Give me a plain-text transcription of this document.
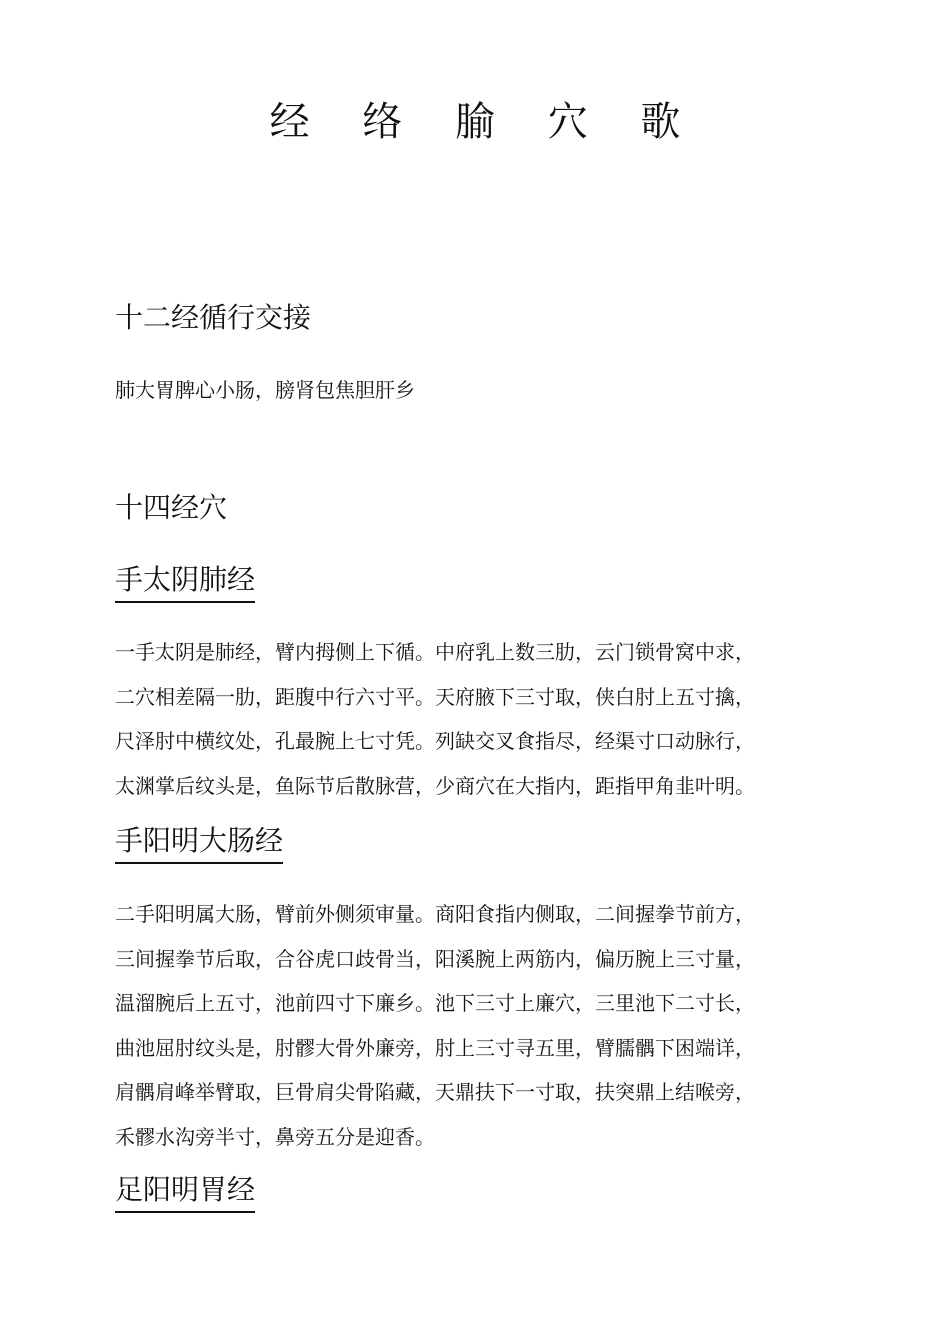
经 络 腧 穴 歌
十二经循行交接

肺大胃脾心小肠，膀肾包焦胆肝乡

十四经穴
手太阴肺经
一手太阴是肺经，臂内拇侧上下循。中府乳上数三肋，云门锁骨窝中求，
二穴相差隔一肋，距腹中行六寸平。天府腋下三寸取，侠白肘上五寸擒，
尺泽肘中横纹处，孔最腕上七寸凭。列缺交叉食指尽，经渠寸口动脉行，
太渊掌后纹头是，鱼际节后散脉营，少商穴在大指内，距指甲角韭叶明。
手阳明大肠经
二手阳明属大肠，臂前外侧须审量。商阳食指内侧取，二间握拳节前方，
三间握拳节后取，合谷虎口歧骨当，阳溪腕上两筋内，偏历腕上三寸量，
温溜腕后上五寸，池前四寸下廉乡。池下三寸上廉穴，三里池下二寸长，
曲池屈肘纹头是，肘髎大骨外廉旁，肘上三寸寻五里，臂臑髃下困端详，
肩髃肩峰举臂取，巨骨肩尖骨陷藏，天鼎扶下一寸取，扶突鼎上结喉旁，
禾髎水沟旁半寸，鼻旁五分是迎香。
足阳明胃经
